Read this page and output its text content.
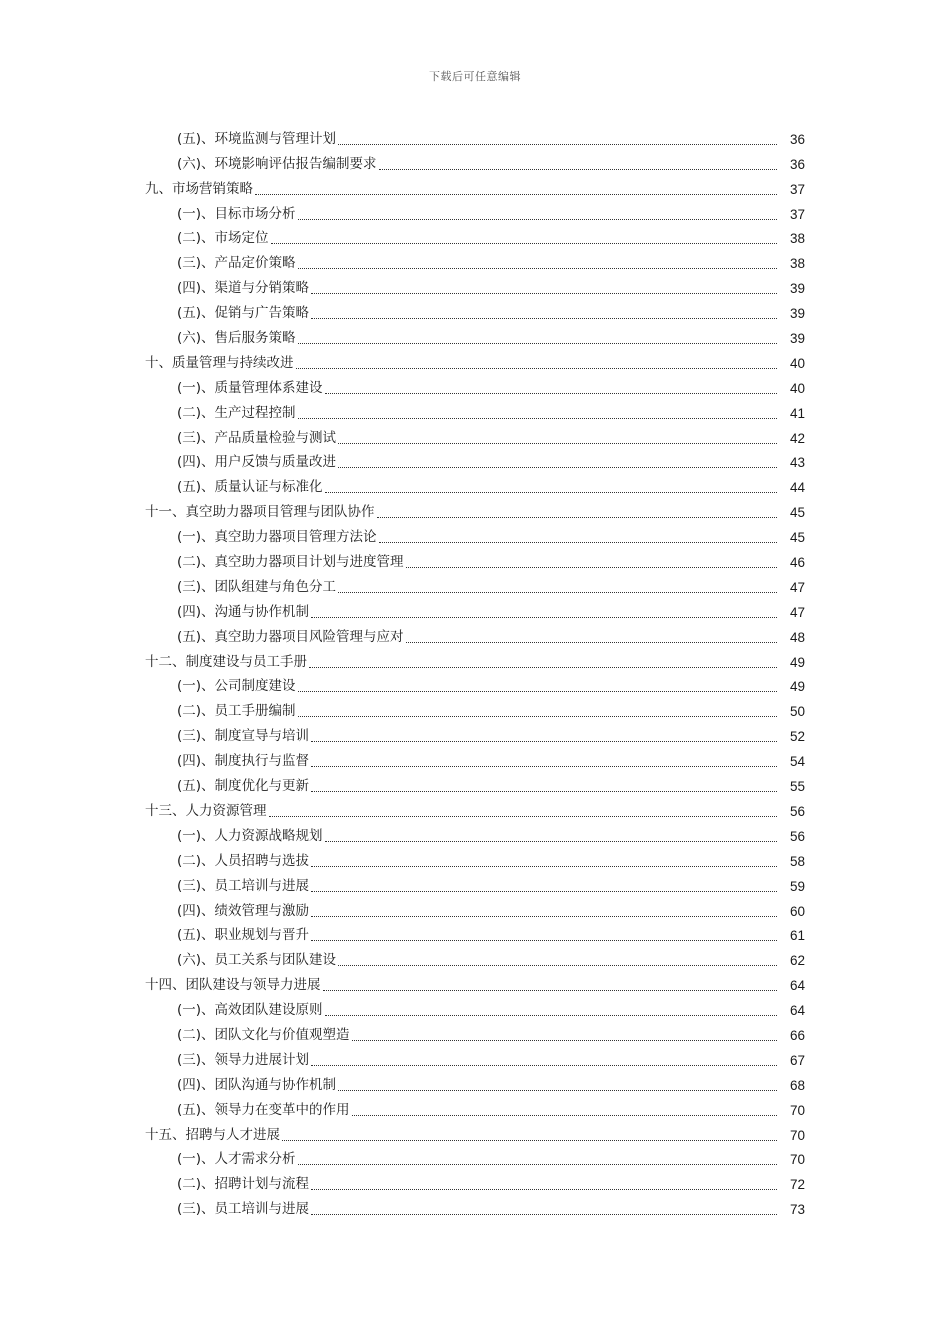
下载后可任意编辑
(五)、环境监测与管理计划	36
(六)、环境影响评估报告编制要求	36
九、市场营销策略	37
(一)、目标市场分析	37
(二)、市场定位	38
(三)、产品定价策略	38
(四)、渠道与分销策略	39
(五)、促销与广告策略	39
(六)、售后服务策略	39
十、质量管理与持续改进	40
(一)、质量管理体系建设	40
(二)、生产过程控制	41
(三)、产品质量检验与测试	42
(四)、用户反馈与质量改进	43
(五)、质量认证与标准化	44
十一、真空助力器项目管理与团队协作	45
(一)、真空助力器项目管理方法论	45
(二)、真空助力器项目计划与进度管理	46
(三)、团队组建与角色分工	47
(四)、沟通与协作机制	47
(五)、真空助力器项目风险管理与应对	48
十二、制度建设与员工手册	49
(一)、公司制度建设	49
(二)、员工手册编制	50
(三)、制度宣导与培训	52
(四)、制度执行与监督	54
(五)、制度优化与更新	55
十三、人力资源管理	56
(一)、人力资源战略规划	56
(二)、人员招聘与选拔	58
(三)、员工培训与进展	59
(四)、绩效管理与激励	60
(五)、职业规划与晋升	61
(六)、员工关系与团队建设	62
十四、团队建设与领导力进展	64
(一)、高效团队建设原则	64
(二)、团队文化与价值观塑造	66
(三)、领导力进展计划	67
(四)、团队沟通与协作机制	68
(五)、领导力在变革中的作用	70
十五、招聘与人才进展	70
(一)、人才需求分析	70
(二)、招聘计划与流程	72
(三)、员工培训与进展	73
